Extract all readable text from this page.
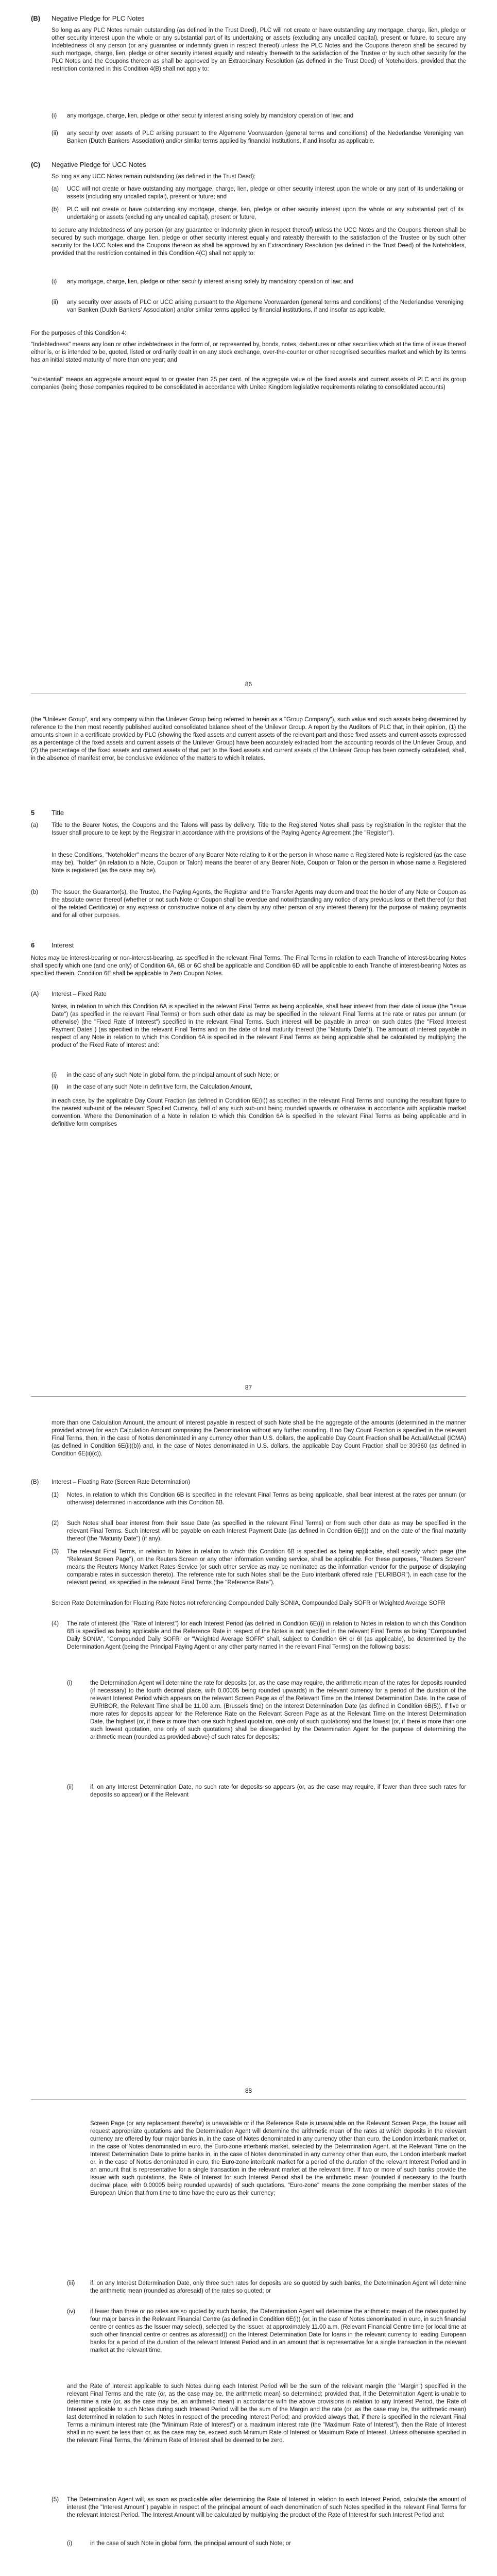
(B) Negative Pledge for PLC Notes

So long as any PLC Notes remain outstanding (as defined in the Trust Deed), PLC will not create or have outstanding any mortgage, charge, lien, pledge or other security interest upon the whole or any substantial part of its undertaking or assets (excluding any uncalled capital), present or future, to secure any Indebtedness of any person (or any guarantee or indemnity given in respect thereof) unless the PLC Notes and the Coupons thereon shall be secured by such mortgage, charge, lien, pledge or other security interest equally and rateably therewith to the satisfaction of the Trustee or by such other security for the PLC Notes and the Coupons thereon as shall be approved by an Extraordinary Resolution (as defined in the Trust Deed) of Noteholders, provided that the restriction contained in this Condition 4(B) shall not apply to:

(i) any mortgage, charge, lien, pledge or other security interest arising solely by mandatory operation of law; and

(ii) any security over assets of PLC arising pursuant to the Algemene Voorwaarden (general terms and conditions) of the Nederlandse Vereniging van Banken (Dutch Bankers' Association) and/or similar terms applied by financial institutions, if and insofar as applicable.

(C) Negative Pledge for UCC Notes

So long as any UCC Notes remain outstanding (as defined in the Trust Deed):

(a) UCC will not create or have outstanding any mortgage, charge, lien, pledge or other security interest upon the whole or any part of its undertaking or assets (including any uncalled capital), present or future; and

(b) PLC will not create or have outstanding any mortgage, charge, lien, pledge or other security interest upon the whole or any substantial part of its undertaking or assets (excluding any uncalled capital), present or future,

to secure any Indebtedness of any person (or any guarantee or indemnity given in respect thereof) unless the UCC Notes and the Coupons thereon shall be secured by such mortgage, charge, lien, pledge or other security interest equally and rateably therewith to the satisfaction of the Trustee or by such other security for the UCC Notes and the Coupons thereon as shall be approved by an Extraordinary Resolution (as defined in the Trust Deed) of the Noteholders, provided that the restriction contained in this Condition 4(C) shall not apply to:

(i) any mortgage, charge, lien, pledge or other security interest arising solely by mandatory operation of law; and

(ii) any security over assets of PLC or UCC arising pursuant to the Algemene Voorwaarden (general terms and conditions) of the Nederlandse Vereniging van Banken (Dutch Bankers' Association) and/or similar terms applied by financial institutions, if and insofar as applicable.

For the purposes of this Condition 4:

"Indebtedness" means any loan or other indebtedness in the form of, or represented by, bonds, notes, debentures or other securities which at the time of issue thereof either is, or is intended to be, quoted, listed or ordinarily dealt in on any stock exchange, over-the-counter or other recognised securities market and which by its terms has an initial stated maturity of more than one year; and

"substantial" means an aggregate amount equal to or greater than 25 per cent. of the aggregate value of the fixed assets and current assets of PLC and its group companies (being those companies required to be consolidated in accordance with United Kingdom legislative requirements relating to consolidated accounts)

86

(the "Unilever Group", and any company within the Unilever Group being referred to herein as a "Group Company"), such value and such assets being determined by reference to the then most recently published audited consolidated balance sheet of the Unilever Group. A report by the Auditors of PLC that, in their opinion, (1) the amounts shown in a certificate provided by PLC (showing the fixed assets and current assets of the relevant part and those fixed assets and current assets expressed as a percentage of the fixed assets and current assets of the Unilever Group) have been accurately extracted from the accounting records of the Unilever Group, and (2) the percentage of the fixed assets and current assets of that part to the fixed assets and current assets of the Unilever Group has been correctly calculated, shall, in the absence of manifest error, be conclusive evidence of the matters to which it relates.

5	Title
(a) Title to the Bearer Notes, the Coupons and the Talons will pass by delivery. Title to the Registered Notes shall pass by registration in the register that the Issuer shall procure to be kept by the Registrar in accordance with the provisions of the Paying Agency Agreement (the "Register").

In these Conditions, "Noteholder" means the bearer of any Bearer Note relating to it or the person in whose name a Registered Note is registered (as the case may be), "holder" (in relation to a Note, Coupon or Talon) means the bearer of any Bearer Note, Coupon or Talon or the person in whose name a Registered Note is registered (as the case may be).

(b) The Issuer, the Guarantor(s), the Trustee, the Paying Agents, the Registrar and the Transfer Agents may deem and treat the holder of any Note or Coupon as the absolute owner thereof (whether or not such Note or Coupon shall be overdue and notwithstanding any notice of any previous loss or theft thereof (or that of the related Certificate) or any express or constructive notice of any claim by any other person of any interest therein) for the purpose of making payments and for all other purposes.

6	Interest

Notes may be interest-bearing or non-interest-bearing, as specified in the relevant Final Terms. The Final Terms in relation to each Tranche of interest-bearing Notes shall specify which one (and one only) of Condition 6A, 6B or 6C shall be applicable and Condition 6D will be applicable to each Tranche of interest-bearing Notes as specified therein. Condition 6E shall be applicable to Zero Coupon Notes.

(A) Interest – Fixed Rate

Notes, in relation to which this Condition 6A is specified in the relevant Final Terms as being applicable, shall bear interest from their date of issue (the "Issue Date") (as specified in the relevant Final Terms) or from such other date as may be specified in the relevant Final Terms at the rate or rates per annum (or otherwise) (the "Fixed Rate of Interest") specified in the relevant Final Terms. Such interest will be payable in arrear on such dates (the "Fixed Interest Payment Dates") (as specified in the relevant Final Terms and on the date of final maturity thereof (the "Maturity Date")). The amount of interest payable in respect of any Note in relation to which this Condition 6A is specified in the relevant Final Terms as being applicable shall be calculated by multiplying the product of the Fixed Rate of Interest and:

(i) in the case of any such Note in global form, the principal amount of such Note; or

(ii) in the case of any such Note in definitive form, the Calculation Amount,

in each case, by the applicable Day Count Fraction (as defined in Condition 6E(ii)) as specified in the relevant Final Terms and rounding the resultant figure to the nearest sub-unit of the relevant Specified Currency, half of any such sub-unit being rounded upwards or otherwise in accordance with applicable market convention. Where the Denomination of a Note in relation to which this Condition 6A is specified in the relevant Final Terms as being applicable and in definitive form comprises

87

more than one Calculation Amount, the amount of interest payable in respect of such Note shall be the aggregate of the amounts (determined in the manner provided above) for each Calculation Amount comprising the Denomination without any further rounding. If no Day Count Fraction is specified in the relevant Final Terms, then, in the case of Notes denominated in any currency other than U.S. dollars, the applicable Day Count Fraction shall be Actual/Actual (ICMA) (as defined in Condition 6E(ii)(b)) and, in the case of Notes denominated in U.S. dollars, the applicable Day Count Fraction shall be 30/360 (as defined in Condition 6E(ii)(c)).

(B) Interest – Floating Rate (Screen Rate Determination)

(1) Notes, in relation to which this Condition 6B is specified in the relevant Final Terms as being applicable, shall bear interest at the rates per annum (or otherwise) determined in accordance with this Condition 6B.

(2) Such Notes shall bear interest from their Issue Date (as specified in the relevant Final Terms) or from such other date as may be specified in the relevant Final Terms. Such interest will be payable on each Interest Payment Date (as defined in Condition 6E(i)) and on the date of the final maturity thereof (the "Maturity Date") (if any).

(3) The relevant Final Terms, in relation to Notes in relation to which this Condition 6B is specified as being applicable, shall specify which page (the "Relevant Screen Page"), on the Reuters Screen or any other information vending service, shall be applicable. For these purposes, "Reuters Screen" means the Reuters Money Market Rates Service (or such other service as may be nominated as the information vendor for the purpose of displaying comparable rates in succession thereto). The reference rate for such Notes shall be the Euro interbank offered rate ("EURIBOR"), in each case for the relevant period, as specified in the relevant Final Terms (the "Reference Rate").

Screen Rate Determination for Floating Rate Notes not referencing Compounded Daily SONIA, Compounded Daily SOFR or Weighted Average SOFR

(4) The rate of interest (the "Rate of Interest") for each Interest Period (as defined in Condition 6E(i)) in relation to Notes in relation to which this Condition 6B is specified as being applicable and the Reference Rate in respect of the Notes is not specified in the relevant Final Terms as being "Compounded Daily SONIA", "Compounded Daily SOFR" or "Weighted Average SOFR" shall, subject to Condition 6H or 6I (as applicable), be determined by the Determination Agent (being the Principal Paying Agent or any other party named in the relevant Final Terms) on the following basis:

(i)	the Determination Agent will determine the rate for deposits (or, as the case may require, the arithmetic mean of the rates for deposits rounded (if necessary) to the fourth decimal place, with 0.00005 being rounded upwards) in the relevant currency for a period of the duration of the relevant Interest Period which appears on the relevant Screen Page as of the Relevant Time on the Interest Determination Date. In the case of EURIBOR, the Relevant Time shall be 11.00 a.m. (Brussels time) on the Interest Determination Date (as defined in Condition 6B(5)). If five or more rates for deposits appear for the Reference Rate on the Relevant Screen Page as at the Relevant Time on the Interest Determination Date, the highest (or, if there is more than one such highest quotation, one only of such quotations) and the lowest (or, if there is more than one such lowest quotation, one only of such quotations) shall be disregarded by the Determination Agent for the purpose of determining the arithmetic mean (rounded as provided above) of such rates for deposits;

(ii)	if, on any Interest Determination Date, no such rate for deposits so appears (or, as the case may require, if fewer than three such rates for deposits so appear) or if the Relevant

88

Screen Page (or any replacement therefor) is unavailable or if the Reference Rate is unavailable on the Relevant Screen Page, the Issuer will request appropriate quotations and the Determination Agent will determine the arithmetic mean of the rates at which deposits in the relevant currency are offered by four major banks in, in the case of Notes denominated in any currency other than euro, the London interbank market or, in the case of Notes denominated in euro, the Euro-zone interbank market, selected by the Determination Agent, at the Relevant Time on the Interest Determination Date to prime banks in, in the case of Notes denominated in any currency other than euro, the London interbank market or, in the case of Notes denominated in euro, the Euro-zone interbank market for a period of the duration of the relevant Interest Period and in an amount that is representative for a single transaction in the relevant market at the relevant time. If two or more of such banks provide the Issuer with such quotations, the Rate of Interest for such Interest Period shall be the arithmetic mean (rounded if necessary to the fourth decimal place, with 0.00005 being rounded upwards) of such quotations. "Euro-zone" means the zone comprising the member states of the European Union that from time to time have the euro as their currency;

(iii)	if, on any Interest Determination Date, only three such rates for deposits are so quoted by such banks, the Determination Agent will determine the arithmetic mean (rounded as aforesaid) of the rates so quoted; or

(iv)	if fewer than three or no rates are so quoted by such banks, the Determination Agent will determine the arithmetic mean of the rates quoted by four major banks in the Relevant Financial Centre (as defined in Condition 6E(i)) (or, in the case of Notes denominated in euro, in such financial centre or centres as the Issuer may select), selected by the Issuer, at approximately 11.00 a.m. (Relevant Financial Centre time (or local time at such other financial centre or centres as aforesaid)) on the Interest Determination Date for loans in the relevant currency to leading European banks for a period of the duration of the relevant Interest Period and in an amount that is representative for a single transaction in the relevant market at the relevant time,

and the Rate of Interest applicable to such Notes during each Interest Period will be the sum of the relevant margin (the "Margin") specified in the relevant Final Terms and the rate (or, as the case may be, the arithmetic mean) so determined; provided that, if the Determination Agent is unable to determine a rate (or, as the case may be, an arithmetic mean) in accordance with the above provisions in relation to any Interest Period, the Rate of Interest applicable to such Notes during such Interest Period will be the sum of the Margin and the rate (or, as the case may be, the arithmetic mean) last determined in relation to such Notes in respect of the preceding Interest Period; and provided always that, if there is specified in the relevant Final Terms a minimum interest rate (the "Minimum Rate of Interest") or a maximum interest rate (the "Maximum Rate of Interest"), then the Rate of Interest shall in no event be less than or, as the case may be, exceed such Minimum Rate of Interest or Maximum Rate of Interest. Unless otherwise specified in the relevant Final Terms, the Minimum Rate of Interest shall be deemed to be zero.

(5) The Determination Agent will, as soon as practicable after determining the Rate of Interest in relation to each Interest Period, calculate the amount of interest (the "Interest Amount") payable in respect of the principal amount of each denomination of such Notes specified in the relevant Final Terms for the relevant Interest Period. The Interest Amount will be calculated by multiplying the product of the Rate of Interest for such Interest Period and:

(i)	in the case of such Note in global form, the principal amount of such Note; or
